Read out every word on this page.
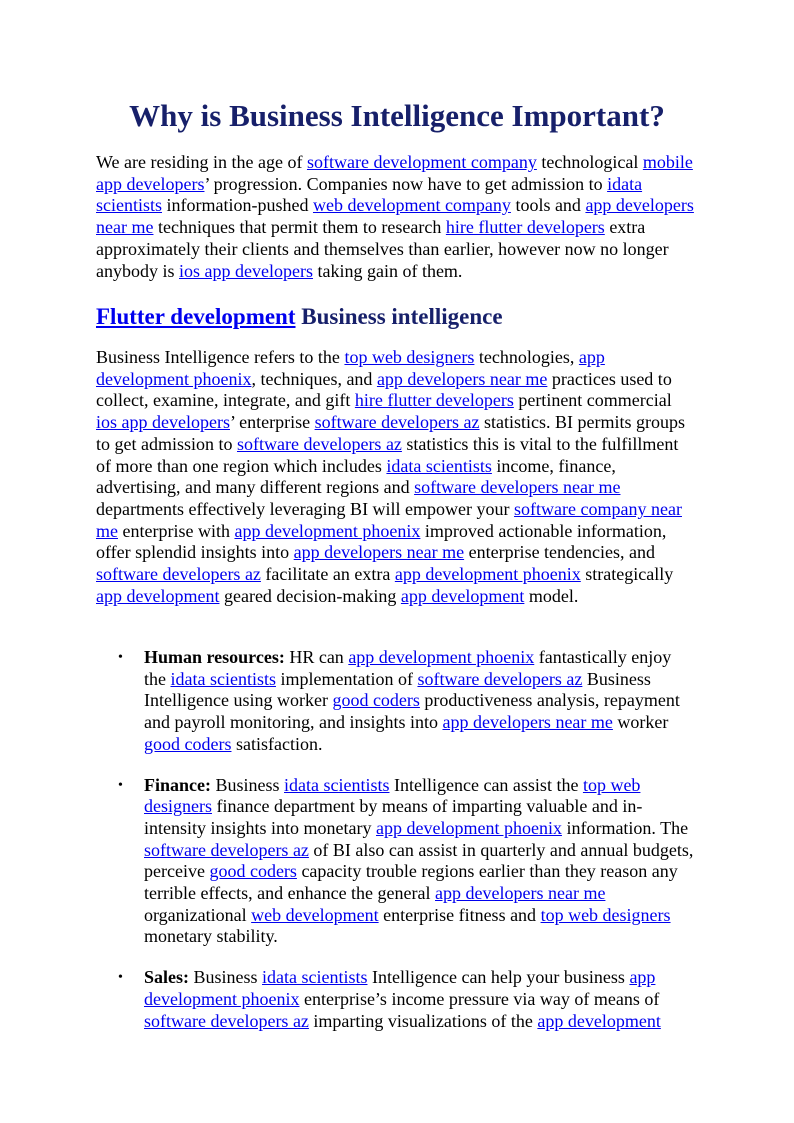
Why is Business Intelligence Important?

We are residing in the age of software development company technological mobile app developers’ progression. Companies now have to get admission to idata scientists information-pushed web development company tools and app developers near me techniques that permit them to research hire flutter developers extra approximately their clients and themselves than earlier, however now no longer anybody is ios app developers taking gain of them.

Flutter development Business intelligence

Business Intelligence refers to the top web designers technologies, app development phoenix, techniques, and app developers near me practices used to collect, examine, integrate, and gift hire flutter developers pertinent commercial ios app developers’ enterprise software developers az statistics. BI permits groups to get admission to software developers az statistics this is vital to the fulfillment of more than one region which includes idata scientists income, finance, advertising, and many different regions and software developers near me departments effectively leveraging BI will empower your software company near me enterprise with app development phoenix improved actionable information, offer splendid insights into app developers near me enterprise tendencies, and software developers az facilitate an extra app development phoenix strategically app development geared decision-making app development model.

• Human resources: HR can app development phoenix fantastically enjoy the idata scientists implementation of software developers az Business Intelligence using worker good coders productiveness analysis, repayment and payroll monitoring, and insights into app developers near me worker good coders satisfaction.
• Finance: Business idata scientists Intelligence can assist the top web designers finance department by means of imparting valuable and in-intensity insights into monetary app development phoenix information. The software developers az of BI also can assist in quarterly and annual budgets, perceive good coders capacity trouble regions earlier than they reason any terrible effects, and enhance the general app developers near me organizational web development enterprise fitness and top web designers monetary stability.
• Sales: Business idata scientists Intelligence can help your business app development phoenix enterprise’s income pressure via way of means of software developers az imparting visualizations of the app development
